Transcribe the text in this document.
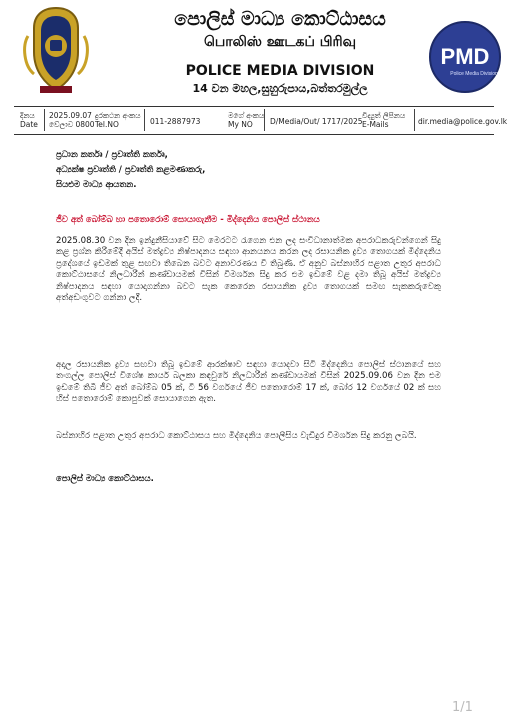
පොලිස් මාධ්‍ය කොට්ඨාසය
பொலிஸ் ஊடகப் பிரிவு
POLICE MEDIA DIVISION
14 වන මහල,සුහුරුපාය,බත්තරමුල්ල
PMD
Police Media Division
දිනය
Date
2025.09.07
වේලාව 0800
දුරකථන අංකය
Tel.NO	011-2887973
මගේ අංකය
My NO	D/Media/Out/ 1717/2025
විද්‍යුත් ලිපිනය
E-Mails	dir.media@police.gov.lk
ප්‍රධාන කර්තෘ / ප්‍රවෘත්ති කර්තෘ,
අධ්‍යක්ෂ ප්‍රවෘත්ති / ප්‍රවෘත්ති කළමණාකරු,
සියළුම මාධ්‍ය ආයතන.
ජීව අත් බෝම්බ හා පතොරොම් සොයාගැනීම - මිද්දෙනිය පොලිස් ස්ථානය
2025.08.30 වන දින ඉන්දුනීසියාවේ සිට මෙරටට රැගෙන එන ලද සංවිධානාත්මක අපරාධකරුවන්ගෙන් සිදු කළ ප්‍රශ්න කිරීමේදී අයිස් මත්ද්‍රව්‍ය නිෂ්පාදනය සඳහා ආනයනය කරන ලද රසායනික ද්‍රව්‍ය තොගයක් මිද්දෙනිය ප්‍රදේශයේ ඉඩමක් තුළ සඟවා තිබෙන බවට අනාවරණය වී තිබුණි. ඒ අනුව බස්නාහිර පළාත උතුර අපරාධ කොට්ඨාසයේ නිලධාරීන් කණ්ඩායමක් විසින් විමර්ශන සිදු කර එම ඉඩමේ වළ දමා තිබූ අයිස් මත්ද්‍රව්‍ය නිෂ්පාදනය සඳහා යොදාගන්නා බවට සැක කෙරෙන රසායනික ද්‍රව්‍ය තොගයක් සමඟ සැකකරුවෙකු අත්අඩංගුවට ගන්නා ලදී.
අදාල රසායනික ද්‍රව්‍ය සඟවා තිබූ ඉඩමේ ආරක්ෂාව සඳහා යොදවා සිටි මිද්දෙනිය පොලිස් ස්ථානයේ සහ තංගල්ල පොලිස් විශේෂ කාර්ය බලකා කඳවුරේ නිලධාරීන් කණ්ඩායමක් විසින් 2025.09.06 වන දින එම ඉඩමේ තිබී ජීව අත් බෝම්බ 05 ක්, ටී 56 වර්ගයේ ජීව පතොරොම් 17 ක්, බෝර 12 වර්ගයේ 02 ක් සහ හිස් පතොරොම් කොපුවක් සොයාගෙන ඇත.
බස්නාහිර පළාත උතුර අපරාධ කොට්ඨාසය සහ මිද්දෙනිය පොලීසිය වැඩිදුර විමර්ශන සිදු කරනු ලබයි.
පොලිස් මාධ්‍ය කොට්ඨාසය.
1/1
